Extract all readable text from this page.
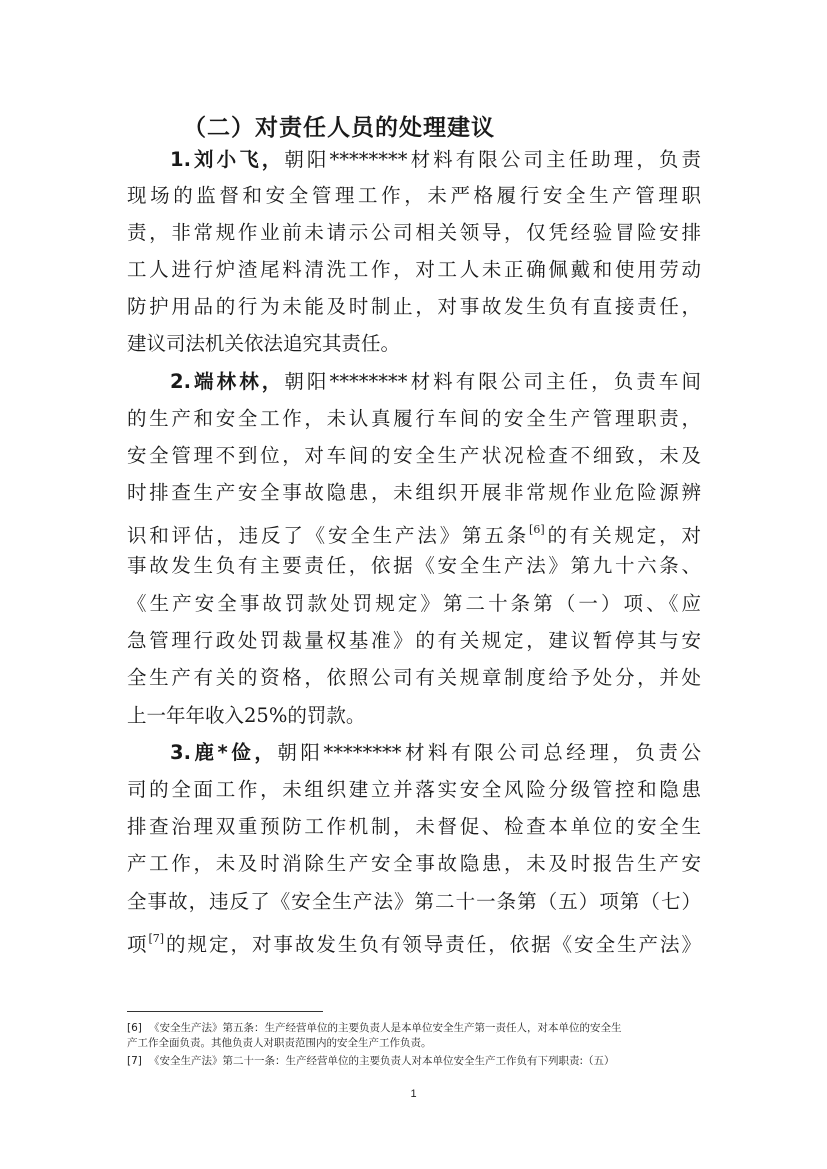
（二）对责任人员的处理建议
1.刘小飞，朝阳********材料有限公司主任助理，负责
现场的监督和安全管理工作，未严格履行安全生产管理职
责，非常规作业前未请示公司相关领导，仅凭经验冒险安排
工人进行炉渣尾料清洗工作，对工人未正确佩戴和使用劳动
防护用品的行为未能及时制止，对事故发生负有直接责任，
建议司法机关依法追究其责任。
2.端林林，朝阳********材料有限公司主任，负责车间
的生产和安全工作，未认真履行车间的安全生产管理职责，
安全管理不到位，对车间的安全生产状况检查不细致，未及
时排查生产安全事故隐患，未组织开展非常规作业危险源辨
识和评估，违反了《安全生产法》第五条[6]的有关规定，对
事故发生负有主要责任，依据《安全生产法》第九十六条、
《生产安全事故罚款处罚规定》第二十条第（一）项、《应
急管理行政处罚裁量权基准》的有关规定，建议暂停其与安
全生产有关的资格，依照公司有关规章制度给予处分，并处
上一年年收入25%的罚款。
3.鹿*俭，朝阳********材料有限公司总经理，负责公
司的全面工作，未组织建立并落实安全风险分级管控和隐患
排查治理双重预防工作机制，未督促、检查本单位的安全生
产工作，未及时消除生产安全事故隐患，未及时报告生产安
全事故，违反了《安全生产法》第二十一条第（五）项第（七）
项[7]的规定，对事故发生负有领导责任，依据《安全生产法》
[6] 《安全生产法》第五条：生产经营单位的主要负责人是本单位安全生产第一责任人，对本单位的安全生
产工作全面负责。其他负责人对职责范围内的安全生产工作负责。
[7] 《安全生产法》第二十一条：生产经营单位的主要负责人对本单位安全生产工作负有下列职责:（五）
1
